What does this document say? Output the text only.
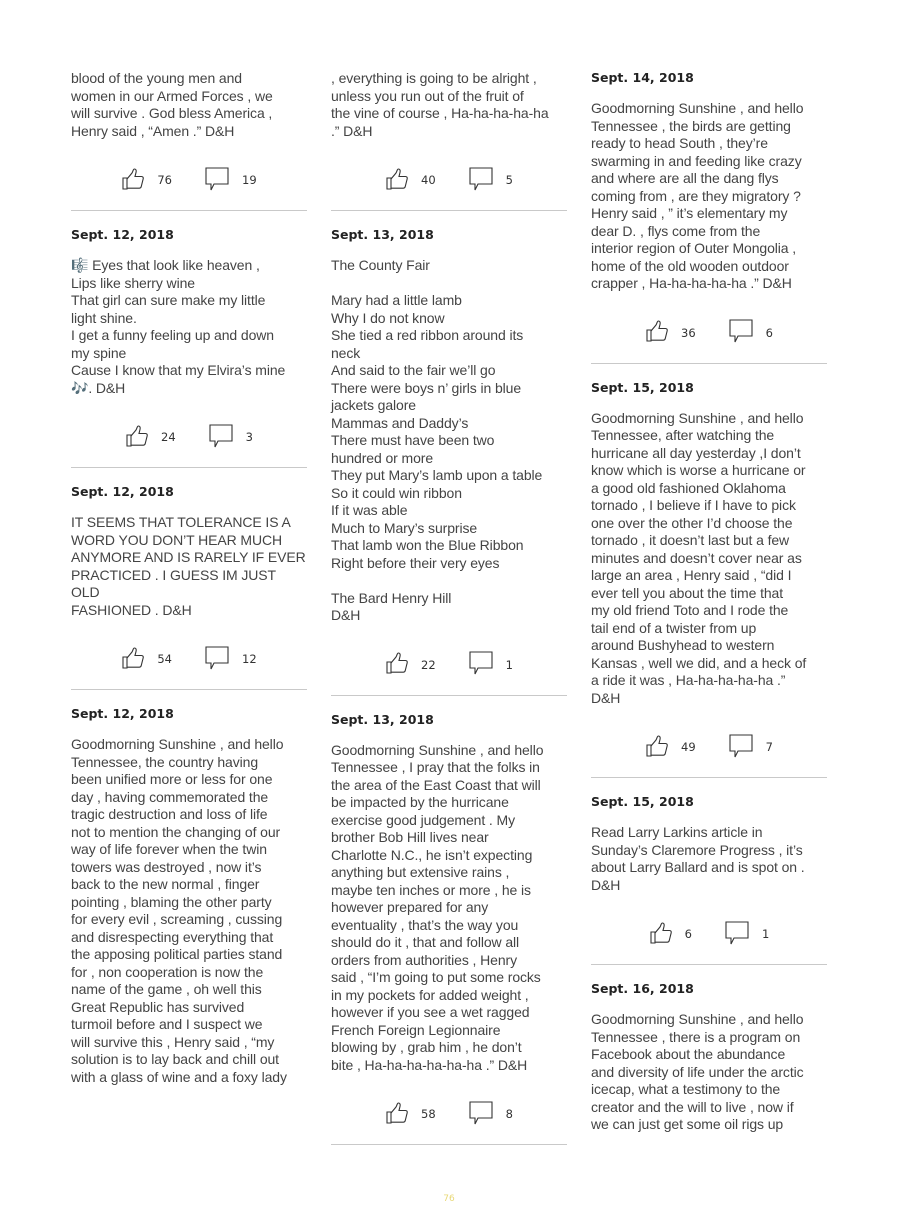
blood of the young men and
women in our Armed Forces , we
will survive . God bless America ,
Henry said , “Amen .” D&H
76	19
Sept. 12, 2018
🎼 Eyes that look like heaven ,
Lips like sherry wine
That girl can sure make my little
light shine.
I get a funny feeling up and down
my spine
Cause I know that my Elvira’s mine
🎶. D&H
24	3
Sept. 12, 2018
IT SEEMS THAT TOLERANCE IS A
WORD YOU DON’T HEAR MUCH
ANYMORE AND IS RARELY IF EVER
PRACTICED . I GUESS IM JUST OLD
FASHIONED . D&H
54	12
Sept. 12, 2018
Goodmorning Sunshine , and hello
Tennessee, the country having
been unified more or less for one
day , having commemorated the
tragic destruction and loss of life
not to mention the changing of our
way of life forever when the twin
towers was destroyed , now it’s
back to the new normal , finger
pointing , blaming the other party
for every evil , screaming , cussing
and disrespecting everything that
the apposing political parties stand
for , non cooperation is now the
name of the game , oh well this
Great Republic has survived
turmoil before and I suspect we
will survive this , Henry said , “my
solution is to lay back and chill out
with a glass of wine and a foxy lady
, everything is going to be alright ,
unless you run out of the fruit of
the vine of course , Ha-ha-ha-ha-ha
.” D&H
40	5
Sept. 13, 2018
The County Fair

Mary had a little lamb
Why I do not know
She tied a red ribbon around its
neck
And said to the fair we’ll go
There were boys n’ girls in blue
jackets galore
Mammas and Daddy’s
There must have been two
hundred or more
They put Mary’s lamb upon a table
So it could win ribbon
If it was able
Much to Mary’s surprise
That lamb won the Blue Ribbon
Right before their very eyes

The Bard Henry Hill
D&H
22	1
Sept. 13, 2018
Goodmorning Sunshine , and hello
Tennessee , I pray that the folks in
the area of the East Coast that will
be impacted by the hurricane
exercise good judgement . My
brother Bob Hill lives near
Charlotte N.C., he isn’t expecting
anything but extensive rains ,
maybe ten inches or more , he is
however prepared for any
eventuality , that’s the way you
should do it , that and follow all
orders from authorities , Henry
said , “I’m going to put some rocks
in my pockets for added weight ,
however if you see a wet ragged
French Foreign Legionnaire
blowing by , grab him , he don’t
bite , Ha-ha-ha-ha-ha-ha .” D&H
58	8
Sept. 14, 2018
Goodmorning Sunshine , and hello
Tennessee , the birds are getting
ready to head South , they’re
swarming in and feeding like crazy
and where are all the dang flys
coming from , are they migratory ?
Henry said , ” it’s elementary my
dear D. , flys come from the
interior region of Outer Mongolia ,
home of the old wooden outdoor
crapper , Ha-ha-ha-ha-ha .” D&H
36	6
Sept. 15, 2018
Goodmorning Sunshine , and hello
Tennessee, after watching the
hurricane all day yesterday ,I don’t
know which is worse a hurricane or
a good old fashioned Oklahoma
tornado , I believe if I have to pick
one over the other I’d choose the
tornado , it doesn’t last but a few
minutes and doesn’t cover near as
large an area , Henry said , “did I
ever tell you about the time that
my old friend Toto and I rode the
tail end of a twister from up
around Bushyhead to western
Kansas , well we did, and a heck of
a ride it was , Ha-ha-ha-ha-ha .”
D&H
49	7
Sept. 15, 2018
Read Larry Larkins article in
Sunday’s Claremore Progress , it’s
about Larry Ballard and is spot on .
D&H
6	1
Sept. 16, 2018
Goodmorning Sunshine , and hello
Tennessee , there is a program on
Facebook about the abundance
and diversity of life under the arctic
icecap, what a testimony to the
creator and the will to live , now if
we can just get some oil rigs up
76
